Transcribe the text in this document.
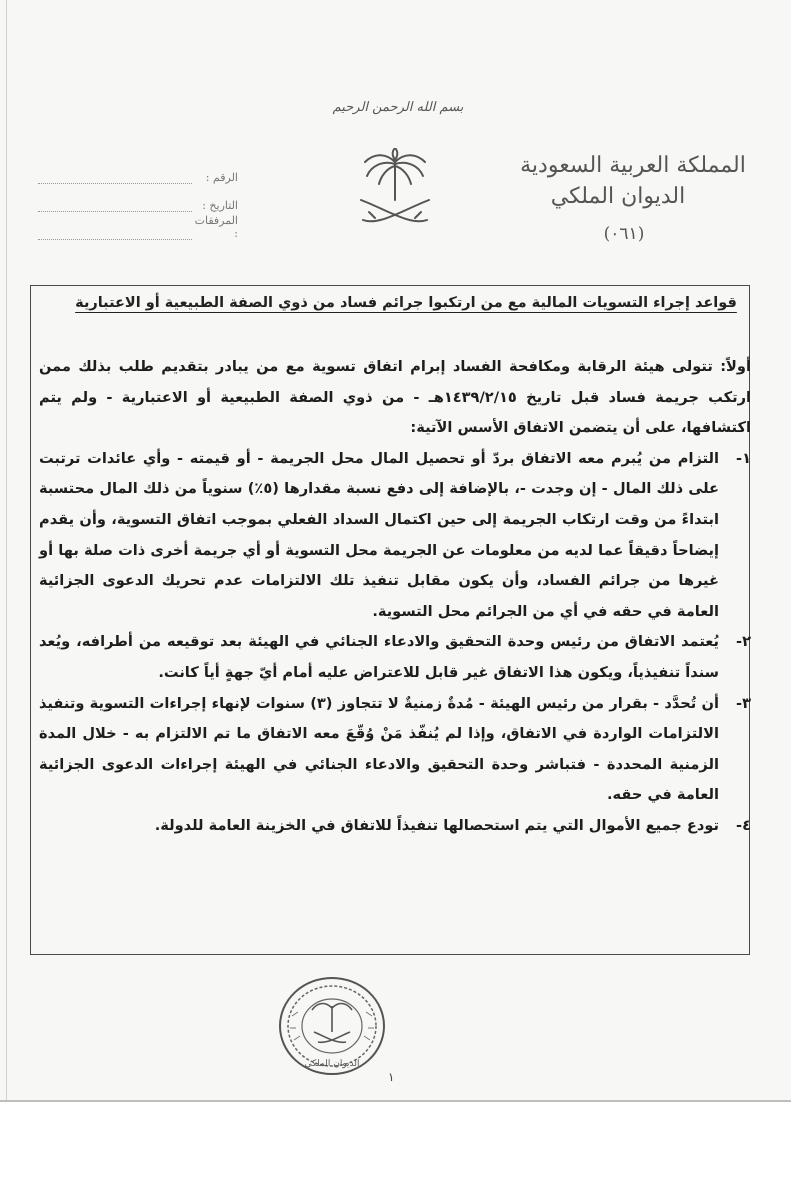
بسم الله الرحمن الرحيم
المملكة العربية السعودية
الديوان الملكي
(٠٦١)
الرقم :
التاريخ :
المرفقات :
قواعد إجراء التسويات المالية مع من ارتكبوا جرائم فساد من ذوي الصفة الطبيعية أو الاعتبارية

أولاً: تتولى هيئة الرقابة ومكافحة الفساد إبرام اتفاق تسوية مع من يبادر بتقديم طلب بذلك ممن ارتكب جريمة فساد قبل تاريخ ١٤٣٩/٢/١٥هـ - من ذوي الصفة الطبيعية أو الاعتبارية - ولم يتم اكتشافها، على أن يتضمن الاتفاق الأسس الآتية:

١-
التزام من يُبرم معه الاتفاق بردّ أو تحصيل المال محل الجريمة - أو قيمته - وأي عائدات ترتبت على ذلك المال - إن وجدت -، بالإضافة إلى دفع نسبة مقدارها (٥٪) سنوياً من ذلك المال محتسبة ابتداءً من وقت ارتكاب الجريمة إلى حين اكتمال السداد الفعلي بموجب اتفاق التسوية، وأن يقدم إيضاحاً دقيقاً عما لديه من معلومات عن الجريمة محل التسوية أو أي جريمة أخرى ذات صلة بها أو غيرها من جرائم الفساد، وأن يكون مقابل تنفيذ تلك الالتزامات عدم تحريك الدعوى الجزائية العامة في حقه في أي من الجرائم محل التسوية.
٢-
يُعتمد الاتفاق من رئيس وحدة التحقيق والادعاء الجنائي في الهيئة بعد توقيعه من أطرافه، ويُعد سنداً تنفيذياً، ويكون هذا الاتفاق غير قابل للاعتراض عليه أمام أيّ جهةٍ أياً كانت.
٣-
أن تُحدَّد - بقرار من رئيس الهيئة - مُدةٌ زمنيةٌ لا تتجاوز (٣) سنوات لإنهاء إجراءات التسوية وتنفيذ الالتزامات الواردة في الاتفاق، وإذا لم يُنفّذ مَنْ وُقّعَ معه الاتفاق ما تم الالتزام به - خلال المدة الزمنية المحددة - فتباشر وحدة التحقيق والادعاء الجنائي في الهيئة إجراءات الدعوى الجزائية العامة في حقه.
٤-
تودع جميع الأموال التي يتم استحصالها تنفيذاً للاتفاق في الخزينة العامة للدولة.
الديوان الملكي
١
